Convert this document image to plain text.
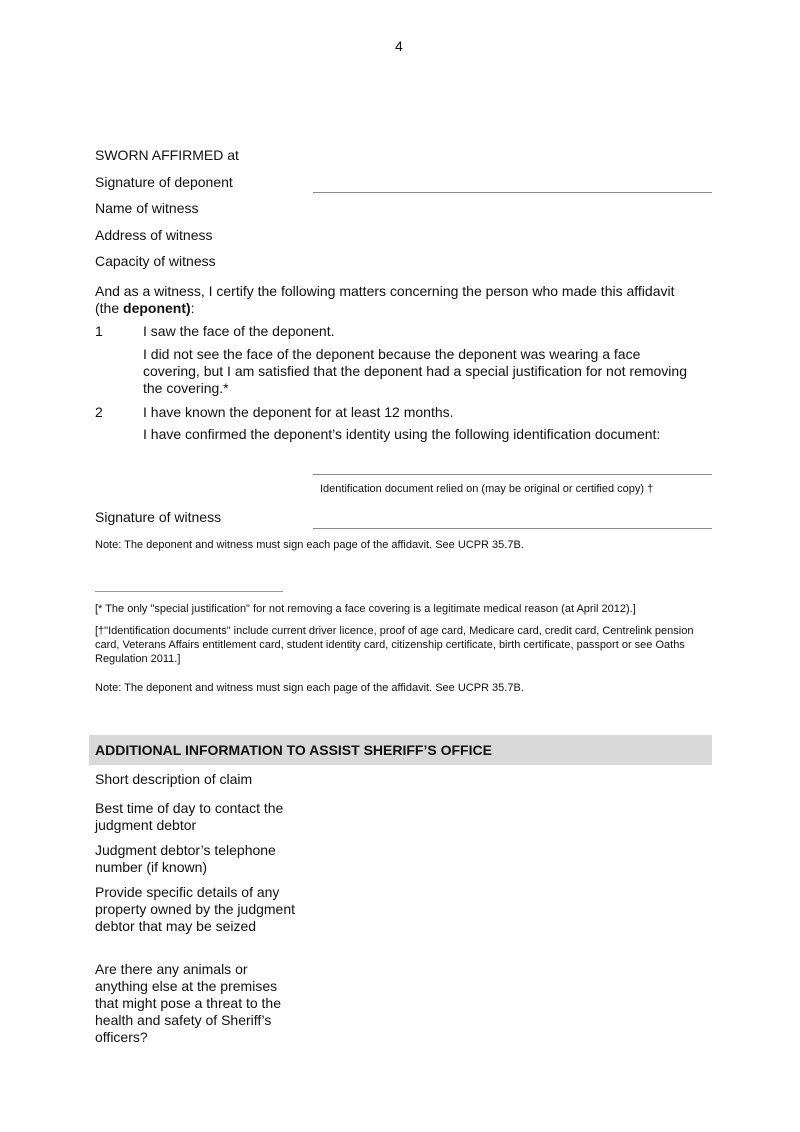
4
SWORN AFFIRMED at
Signature of deponent
Name of witness
Address of witness
Capacity of witness
And as a witness, I certify the following matters concerning the person who made this affidavit (the deponent):
1	I saw the face of the deponent.
I did not see the face of the deponent because the deponent was wearing a face covering, but I am satisfied that the deponent had a special justification for not removing the covering.*
2	I have known the deponent for at least 12 months.
I have confirmed the deponent’s identity using the following identification document:
Identification document relied on (may be original or certified copy) †
Signature of witness
Note: The deponent and witness must sign each page of the affidavit. See UCPR 35.7B.
[* The only "special justification" for not removing a face covering is a legitimate medical reason (at April 2012).]
[†"Identification documents" include current driver licence, proof of age card, Medicare card, credit card, Centrelink pension card, Veterans Affairs entitlement card, student identity card, citizenship certificate, birth certificate, passport or see Oaths Regulation 2011.]
Note: The deponent and witness must sign each page of the affidavit. See UCPR 35.7B.
ADDITIONAL INFORMATION TO ASSIST SHERIFF’S OFFICE
Short description of claim
Best time of day to contact the judgment debtor
Judgment debtor’s telephone number (if known)
Provide specific details of any property owned by the judgment debtor that may be seized
Are there any animals or anything else at the premises that might pose a threat to the health and safety of Sheriff’s officers?
